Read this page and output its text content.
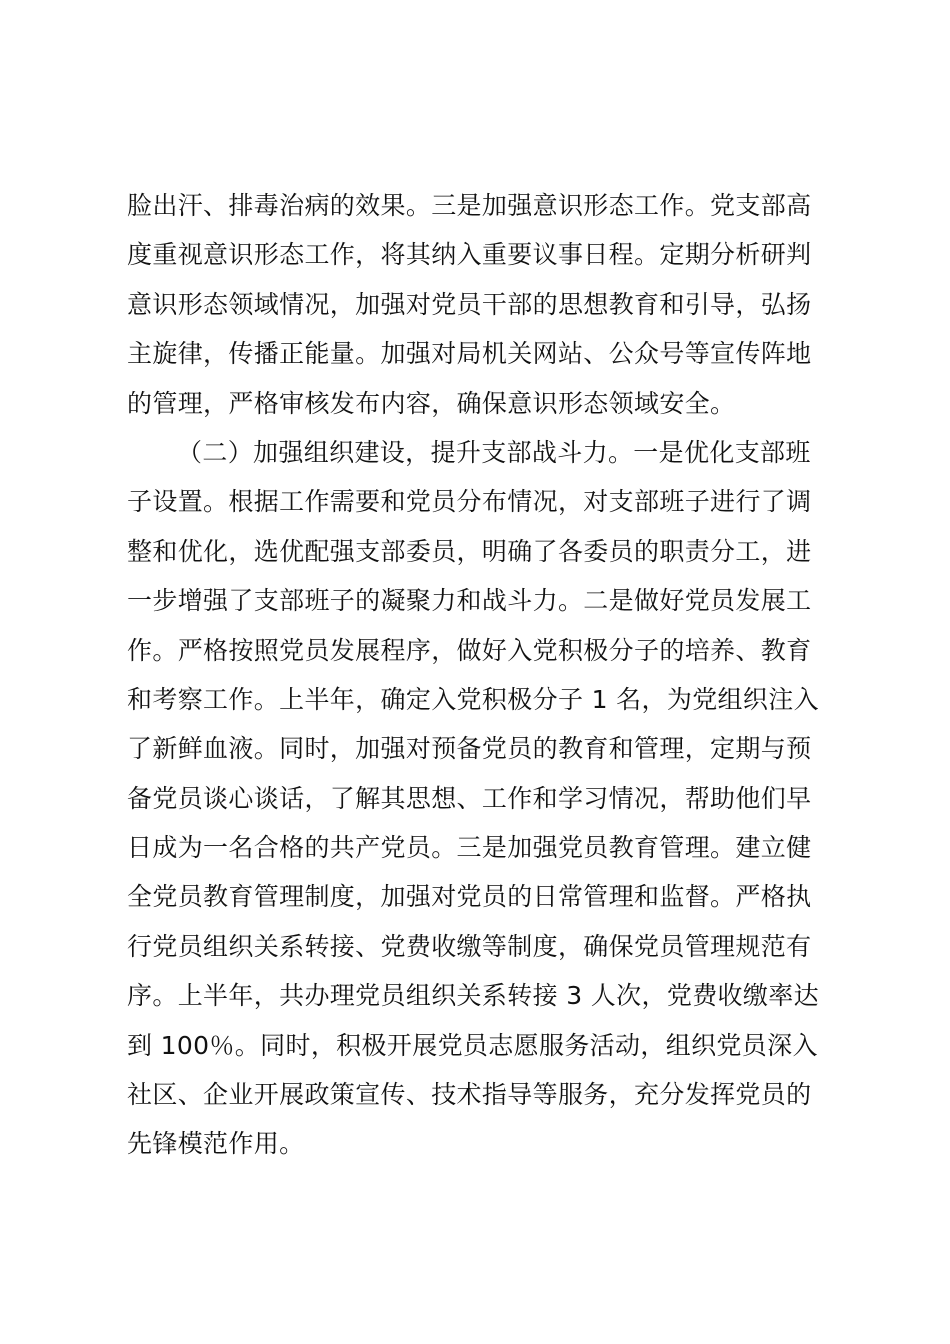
脸出汗、排毒治病的效果。三是加强意识形态工作。党支部高
度重视意识形态工作，将其纳入重要议事日程。定期分析研判
意识形态领域情况，加强对党员干部的思想教育和引导，弘扬
主旋律，传播正能量。加强对局机关网站、公众号等宣传阵地
的管理，严格审核发布内容，确保意识形态领域安全。
（二）加强组织建设，提升支部战斗力。一是优化支部班
子设置。根据工作需要和党员分布情况，对支部班子进行了调
整和优化，选优配强支部委员，明确了各委员的职责分工，进
一步增强了支部班子的凝聚力和战斗力。二是做好党员发展工
作。严格按照党员发展程序，做好入党积极分子的培养、教育
和考察工作。上半年，确定入党积极分子 1 名，为党组织注入
了新鲜血液。同时，加强对预备党员的教育和管理，定期与预
备党员谈心谈话，了解其思想、工作和学习情况，帮助他们早
日成为一名合格的共产党员。三是加强党员教育管理。建立健
全党员教育管理制度，加强对党员的日常管理和监督。严格执
行党员组织关系转接、党费收缴等制度，确保党员管理规范有
序。上半年，共办理党员组织关系转接 3 人次，党费收缴率达
到 100％。同时，积极开展党员志愿服务活动，组织党员深入
社区、企业开展政策宣传、技术指导等服务，充分发挥党员的
先锋模范作用。
